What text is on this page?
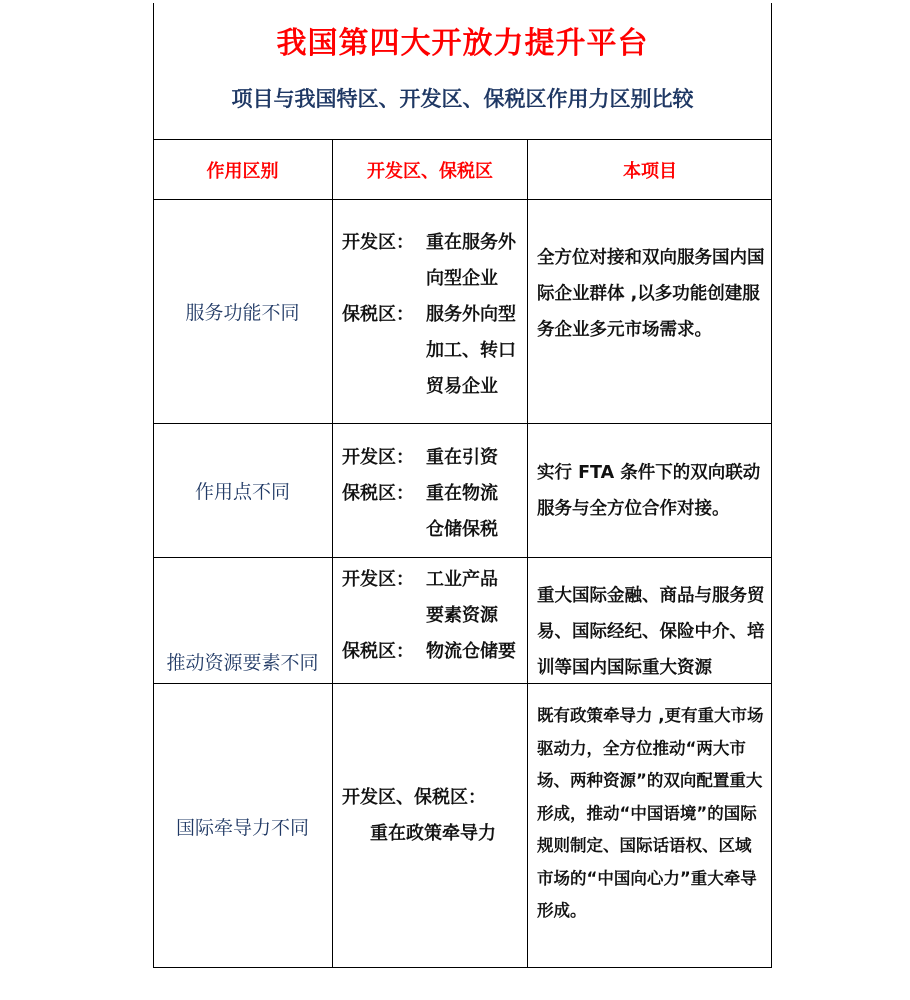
我国第四大开放力提升平台
项目与我国特区、开发区、保税区作用力区别比较
作用区别	开发区、保税区	本项目
服务功能不同
开发区： 重在服务外
向型企业
保税区： 服务外向型
加工、转口
贸易企业
全方位对接和双向服务国内国际企业群体 ,以多功能创建服务企业多元市场需求。
作用点不同
开发区： 重在引资
保税区： 重在物流
仓储保税
实行 FTA 条件下的双向联动服务与全方位合作对接。
推动资源要素不同
开发区： 工业产品
要素资源
保税区： 物流仓储要
重大国际金融、商品与服务贸易、国际经纪、保险中介、培训等国内国际重大资源
国际牵导力不同
开发区、保税区：
重在政策牵导力
既有政策牵导力 ,更有重大市场驱动力，全方位推动“两大市场、两种资源”的双向配置重大形成，推动“中国语境”的国际规则制定、国际话语权、区域市场的“中国向心力”重大牵导形成。
